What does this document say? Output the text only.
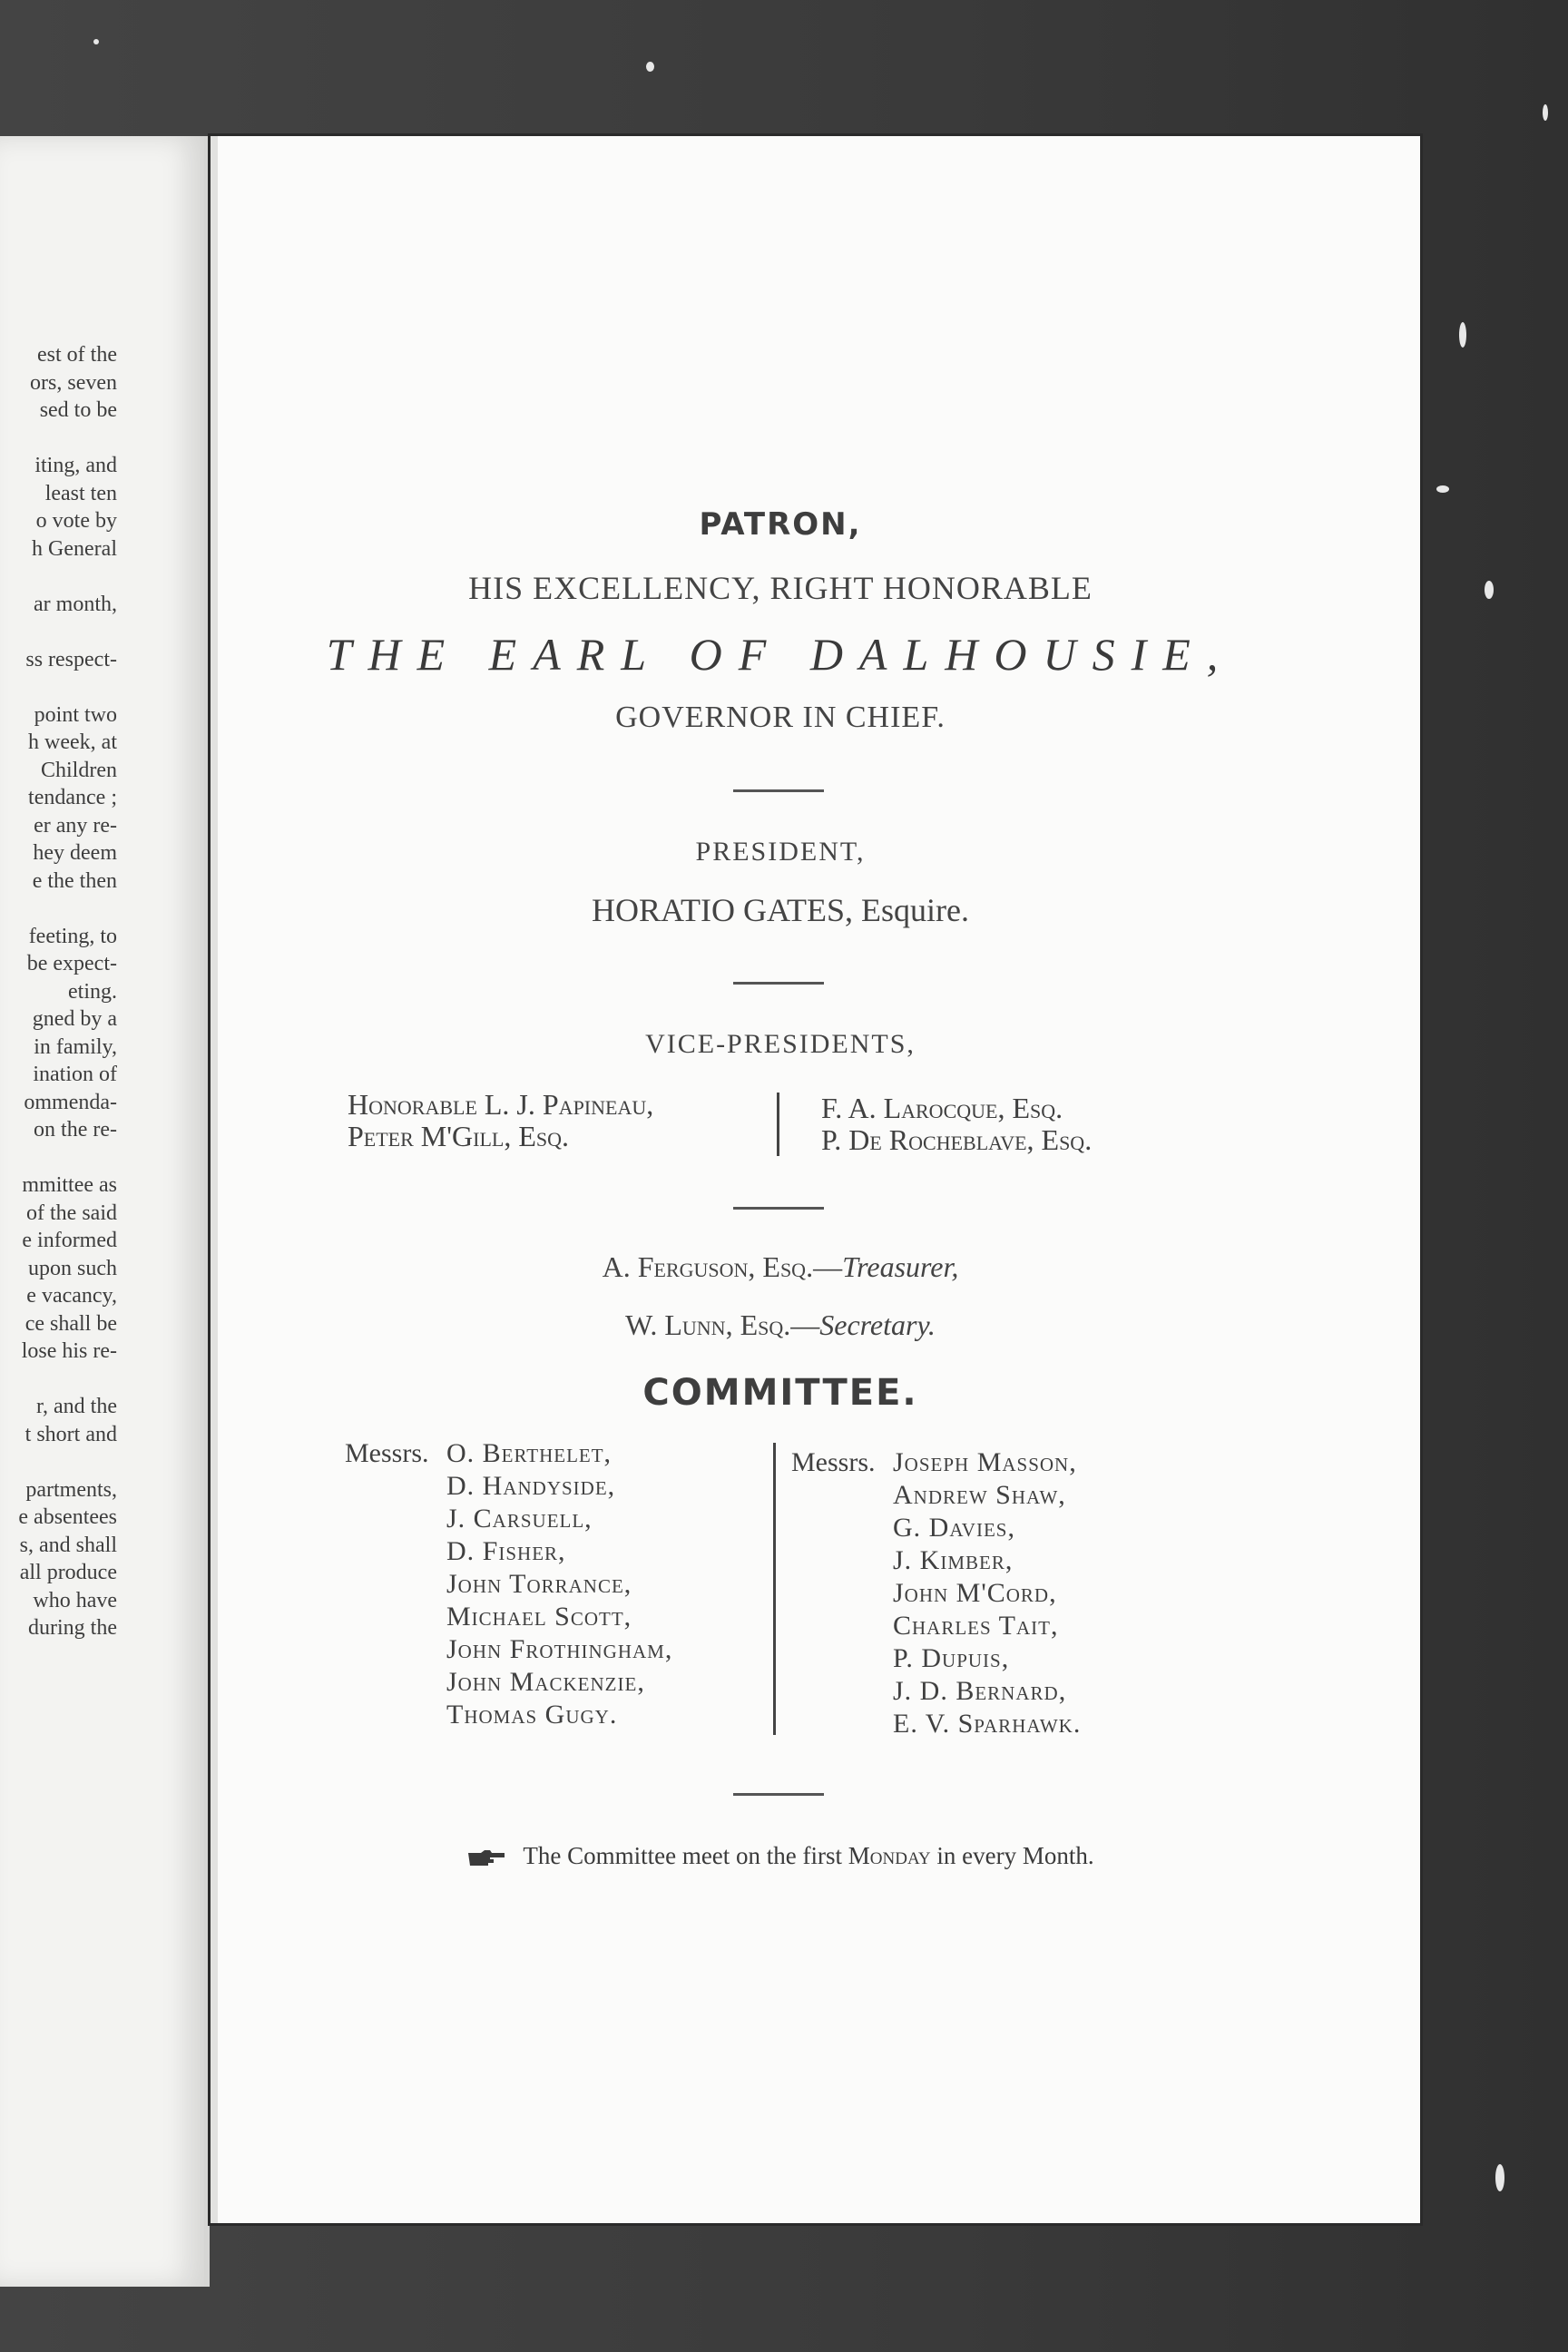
est of the
ors, seven
sed to be
iting, and
least ten
o vote by
h General
ar month,
ss respect-
point two
h week, at
Children
tendance ;
er any re-
hey deem
e the then
feeting, to
be expect-
eting.
gned by a
in family,
ination of
ommenda-
on the re-
mmittee as
of the said
e informed
upon such
e vacancy,
ce shall be
lose his re-
r, and the
t short and
partments,
e absentees
s, and shall
all produce
who have
during the
PATRON,
HIS EXCELLENCY, RIGHT HONORABLE
THE EARL OF DALHOUSIE,
GOVERNOR IN CHIEF.
PRESIDENT,
HORATIO GATES, Esquire.
VICE-PRESIDENTS,
Honorable L. J. Papineau,
Peter M'Gill, Esq.
F. A. Larocque, Esq.
P. De Rocheblave, Esq.
A. Ferguson, Esq.—Treasurer,
W. Lunn, Esq.—Secretary.
COMMITTEE.
Messrs. O. Berthelet,
D. Handyside,
J. Carsuell,
D. Fisher,
John Torrance,
Michael Scott,
John Frothingham,
John Mackenzie,
Thomas Gugy.
Messrs. Joseph Masson,
Andrew Shaw,
G. Davies,
J. Kimber,
John M'Cord,
Charles Tait,
P. Dupuis,
J. D. Bernard,
E. V. Sparhawk.
The Committee meet on the first Monday in every Month.
